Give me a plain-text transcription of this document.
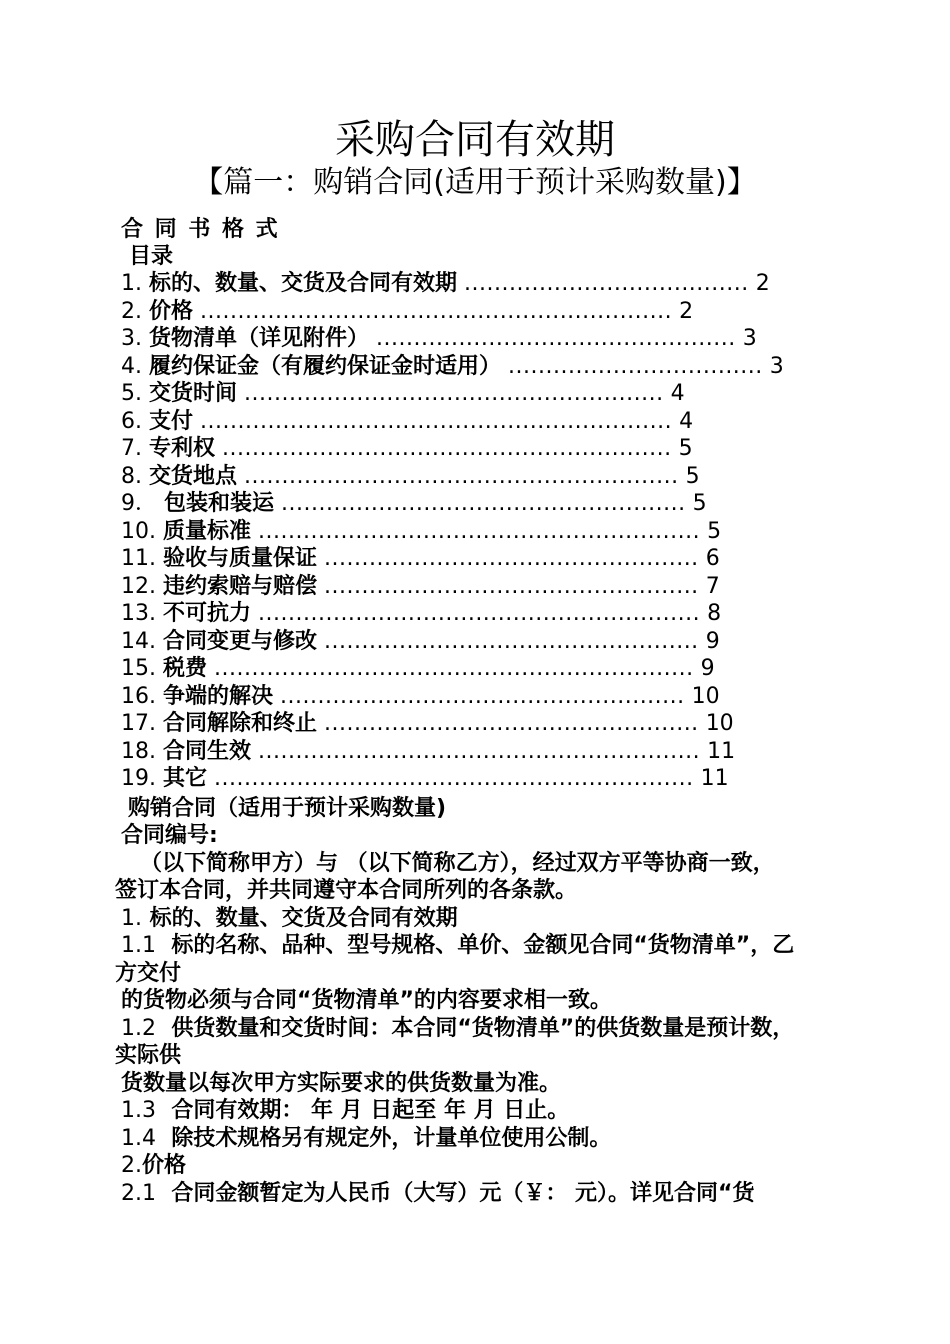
采购合同有效期
【篇一：购销合同(适用于预计采购数量)】
合 同 书 格 式
目录
1. 标的、数量、交货及合同有效期 ...................................... 2
2. 价格 ............................................................... 2
3. 货物清单（详见附件） ................................................ 3
4. 履约保证金（有履约保证金时适用） .................................. 3
5. 交货时间 ........................................................ 4
6. 支付 ............................................................... 4
7. 专利权 ............................................................ 5
8. 交货地点 .......................................................... 5
9． 包装和装运 ...................................................... 5
10. 质量标准 ........................................................... 5
11. 验收与质量保证 .................................................. 6
12. 违约索赔与赔偿 .................................................. 7
13. 不可抗力 ........................................................... 8
14. 合同变更与修改 .................................................. 9
15. 税费 ................................................................ 9
16. 争端的解决 ...................................................... 10
17. 合同解除和终止 .................................................. 10
18. 合同生效 ........................................................... 11
19. 其它 ................................................................ 11
购销合同（适用于预计采购数量)
合同编号:
（以下简称甲方）与 （以下简称乙方），经过双方平等协商一致，
签订本合同，并共同遵守本合同所列的各条款。
1. 标的、数量、交货及合同有效期
1.1 标的名称、品种、型号规格、单价、金额见合同“货物清单”，乙
方交付
的货物必须与合同“货物清单”的内容要求相一致。
1.2 供货数量和交货时间：本合同“货物清单”的供货数量是预计数，
实际供
货数量以每次甲方实际要求的供货数量为准。
1.3 合同有效期： 年 月 日起至 年 月 日止。
1.4 除技术规格另有规定外，计量单位使用公制。
2.价格
2.1 合同金额暂定为人民币（大写）元（￥： 元）。详见合同“货
